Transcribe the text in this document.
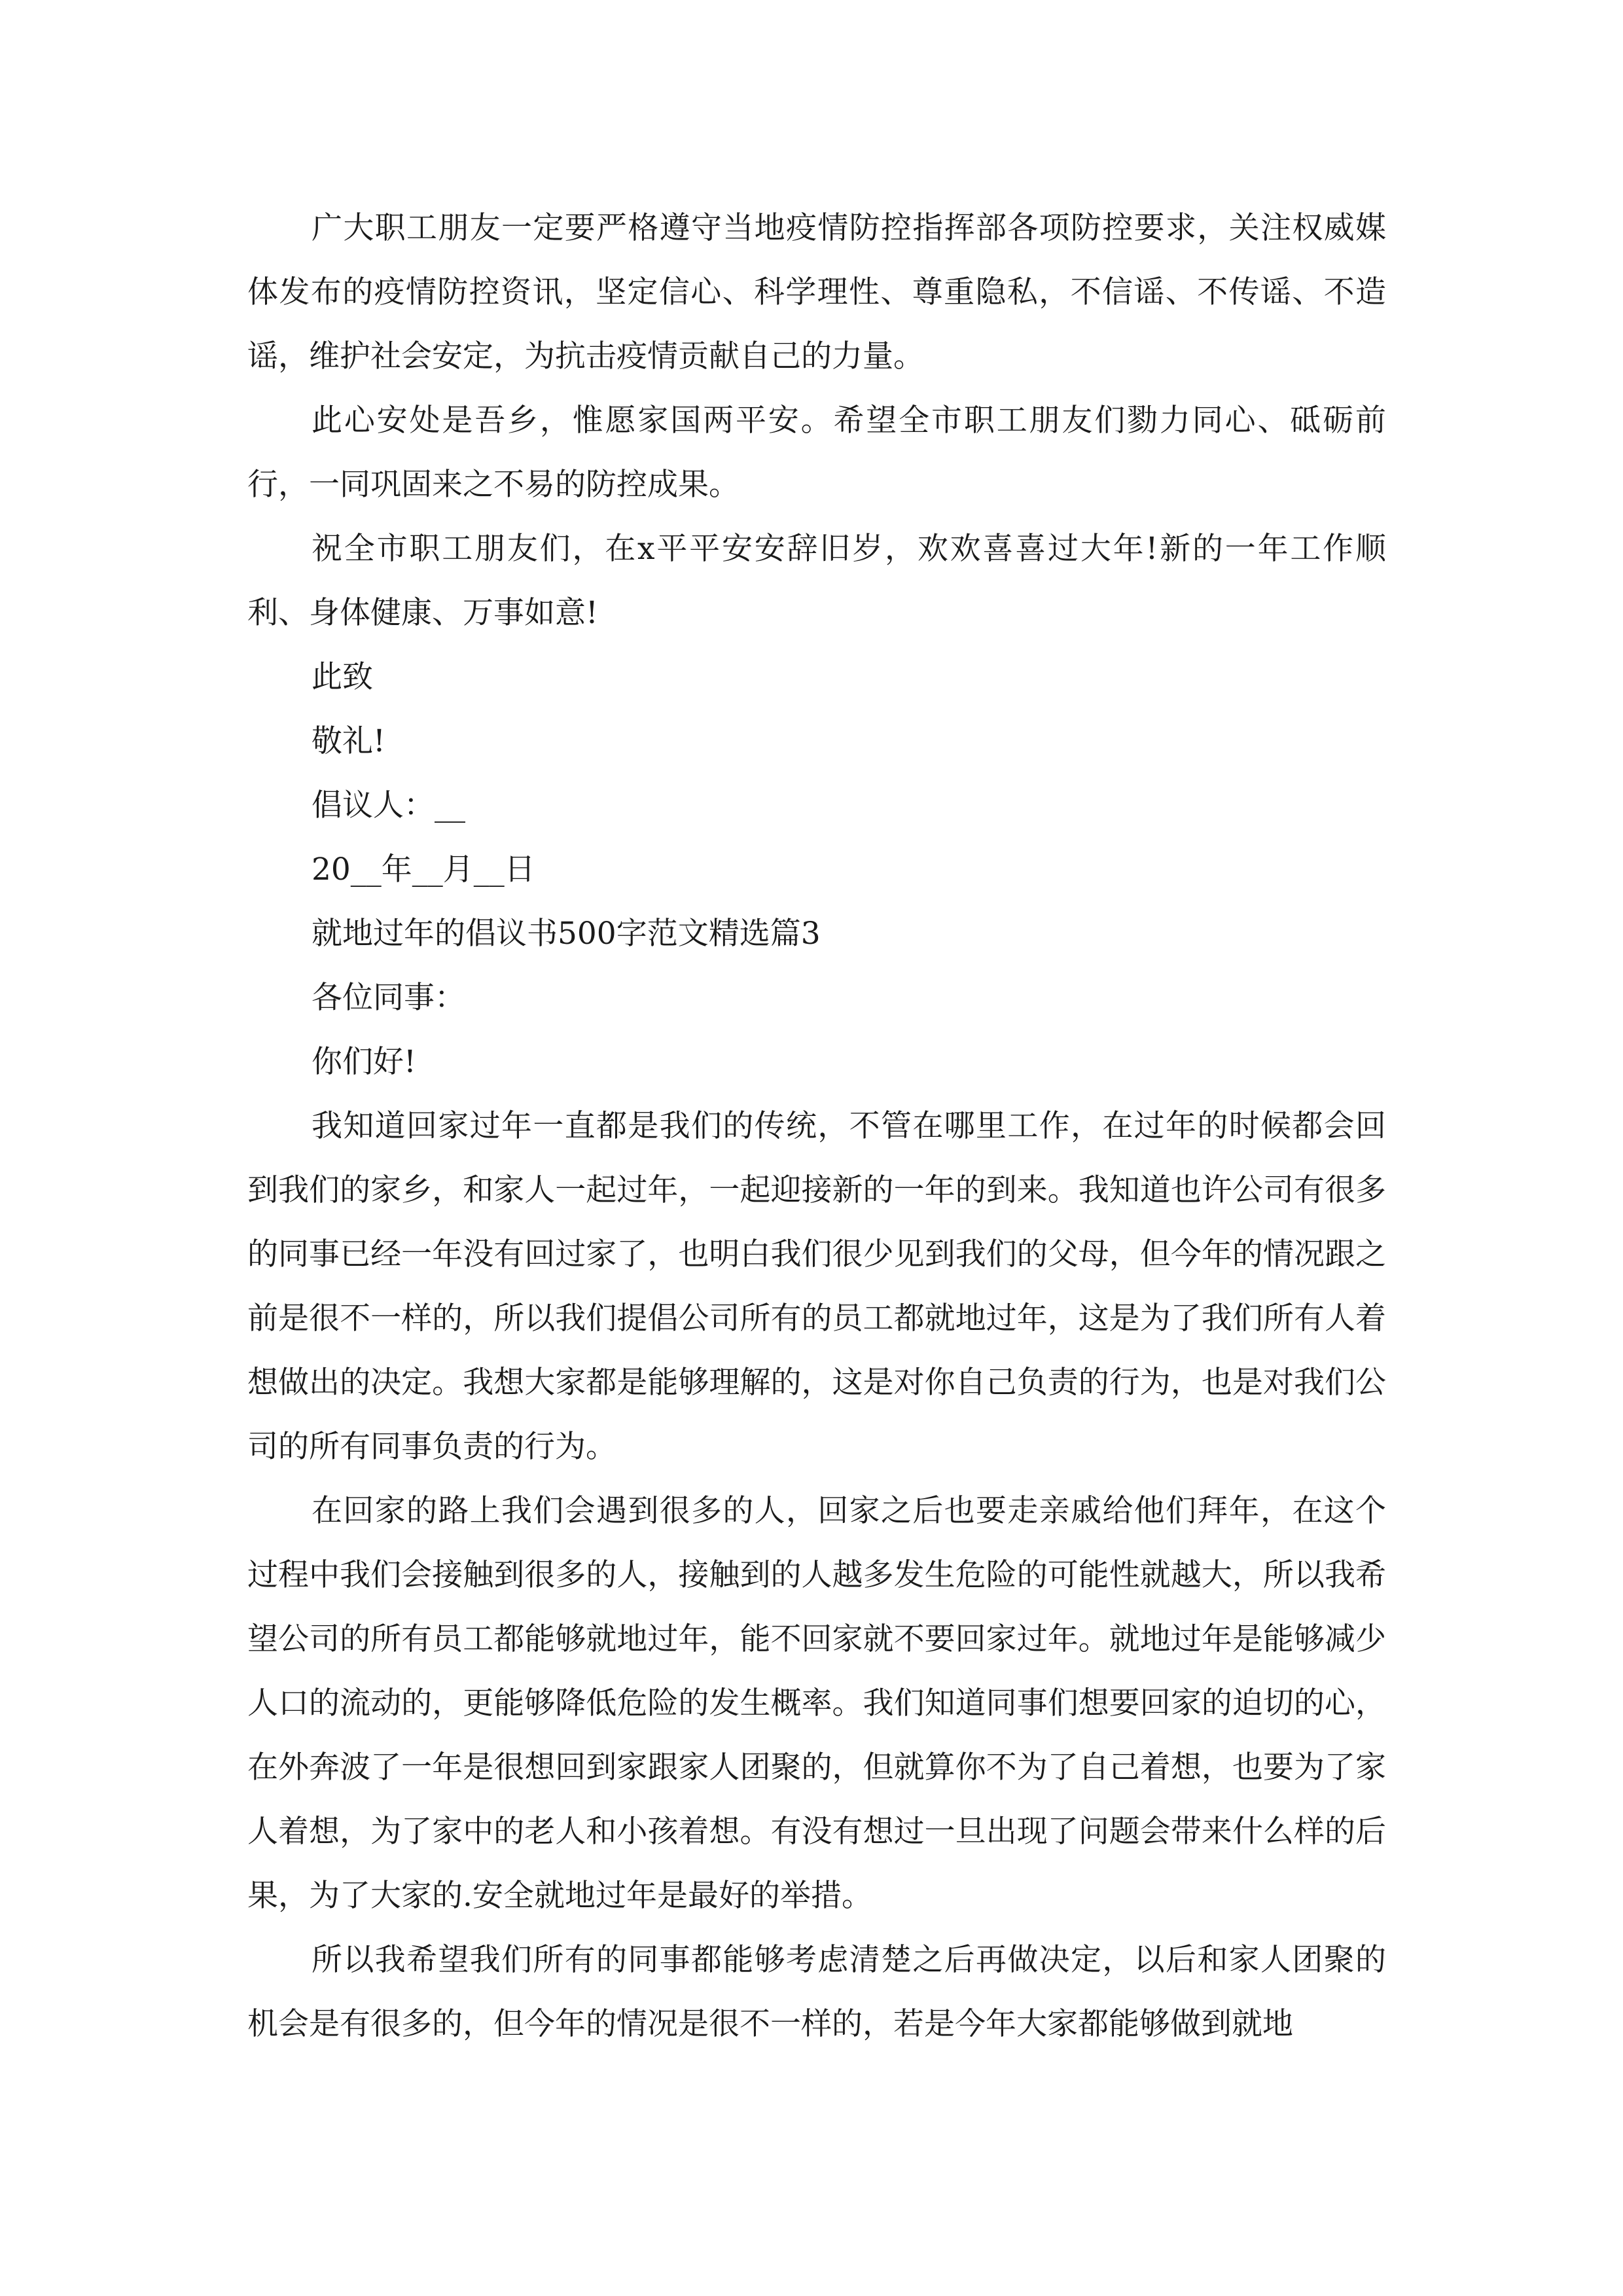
广大职工朋友一定要严格遵守当地疫情防控指挥部各项防控要求，关注权威媒体发布的疫情防控资讯，坚定信心、科学理性、尊重隐私，不信谣、不传谣、不造谣，维护社会安定，为抗击疫情贡献自己的力量。

此心安处是吾乡，惟愿家国两平安。希望全市职工朋友们勠力同心、砥砺前行，一同巩固来之不易的防控成果。

祝全市职工朋友们，在x平平安安辞旧岁，欢欢喜喜过大年!新的一年工作顺利、身体健康、万事如意!

此致

敬礼!

倡议人：__

20__年__月__日

就地过年的倡议书500字范文精选篇3

各位同事：

你们好!

我知道回家过年一直都是我们的传统，不管在哪里工作，在过年的时候都会回到我们的家乡，和家人一起过年，一起迎接新的一年的到来。我知道也许公司有很多的同事已经一年没有回过家了，也明白我们很少见到我们的父母，但今年的情况跟之前是很不一样的，所以我们提倡公司所有的员工都就地过年，这是为了我们所有人着想做出的决定。我想大家都是能够理解的，这是对你自己负责的行为，也是对我们公司的所有同事负责的行为。

在回家的路上我们会遇到很多的人，回家之后也要走亲戚给他们拜年，在这个过程中我们会接触到很多的人，接触到的人越多发生危险的可能性就越大，所以我希望公司的所有员工都能够就地过年，能不回家就不要回家过年。就地过年是能够减少人口的流动的，更能够降低危险的发生概率。我们知道同事们想要回家的迫切的心，在外奔波了一年是很想回到家跟家人团聚的，但就算你不为了自己着想，也要为了家人着想，为了家中的老人和小孩着想。有没有想过一旦出现了问题会带来什么样的后果，为了大家的.安全就地过年是最好的举措。

所以我希望我们所有的同事都能够考虑清楚之后再做决定，以后和家人团聚的机会是有很多的，但今年的情况是很不一样的，若是今年大家都能够做到就地
